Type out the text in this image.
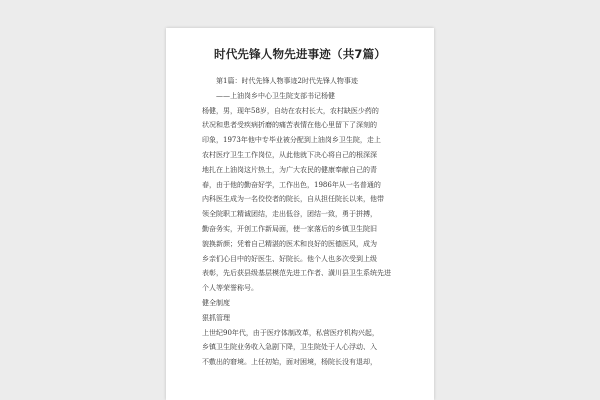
时代先锋人物先进事迹（共7篇）
第1篇：时代先锋人物事迹2时代先锋人物事迹
——上油岗乡中心卫生院支部书记杨健
杨健，男，现年58岁，自幼在农村长大，农村缺医少药的
状况和患者受疾病折磨的痛苦表情在他心里留下了深刻的
印象，1973年他中专毕业被分配到上油岗乡卫生院，走上
农村医疗卫生工作岗位，从此他就下决心将自己的根深深
地扎在上油岗这片热土，为广大农民的健康奉献自己的青
春，由于他的勤奋好学，工作出色，1986年从一名普通的
内科医生成为一名佼佼者的院长，自从担任院长以来，他带
领全院职工精诚团结，走出低谷，团结一致，勇于拼搏，
勤奋务实，开创工作新局面，使一家落后的乡镇卫生院旧
貌换新颜；凭着自己精湛的医术和良好的医德医风，成为
乡亲们心目中的好医生、好院长。他个人也多次受到上级
表彰，先后获县级基层模范先进工作者、潢川县卫生系统先进
个人等荣誉称号。
健全制度
狠抓管理
上世纪90年代，由于医疗体制改革，私营医疗机构兴起，
乡镇卫生院业务收入急剧下降，卫生院处于人心浮动、入
不敷出的窘境。上任初始，面对困境，杨院长没有退却，
